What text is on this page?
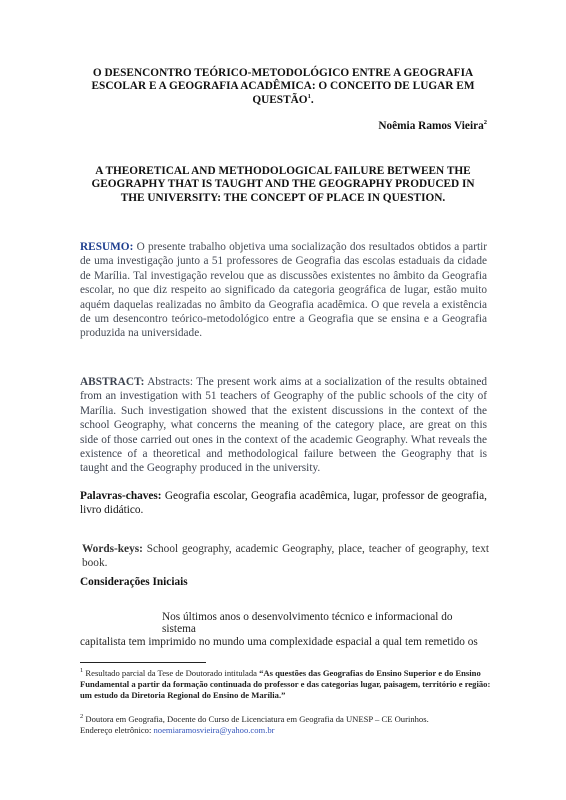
O DESENCONTRO TEÓRICO-METODOLÓGICO ENTRE A GEOGRAFIA ESCOLAR E A GEOGRAFIA ACADÊMICA: O CONCEITO DE LUGAR EM QUESTÃO$^1$.
Noêmia Ramos Vieira$^2$
A THEORETICAL AND METHODOLOGICAL FAILURE BETWEEN THE GEOGRAPHY THAT IS TAUGHT AND THE GEOGRAPHY PRODUCED IN THE UNIVERSITY: THE CONCEPT OF PLACE IN QUESTION.
RESUMO: O presente trabalho objetiva uma socialização dos resultados obtidos a partir de uma investigação junto a 51 professores de Geografia das escolas estaduais da cidade de Marília. Tal investigação revelou que as discussões existentes no âmbito da Geografia escolar, no que diz respeito ao significado da categoria geográfica de lugar, estão muito aquém daquelas realizadas no âmbito da Geografia acadêmica. O que revela a existência de um desencontro teórico-metodológico entre a Geografia que se ensina e a Geografia produzida na universidade.
ABSTRACT: Abstracts: The present work aims at a socialization of the results obtained from an investigation with 51 teachers of Geography of the public schools of the city of Marília. Such investigation showed that the existent discussions in the context of the school Geography, what concerns the meaning of the category place, are great on this side of those carried out ones in the context of the academic Geography. What reveals the existence of a theoretical and methodological failure between the Geography that is taught and the Geography produced in the university.
Palavras-chaves: Geografia escolar, Geografia acadêmica, lugar, professor de geografia, livro didático.
Words-keys: School geography, academic Geography, place, teacher of geography, text book.
Considerações Iniciais
Nos últimos anos o desenvolvimento técnico e informacional do sistema
capitalista tem imprimido no mundo uma complexidade espacial a qual tem remetido os
$^1$ Resultado parcial da Tese de Doutorado intitulada “As questões das Geografias do Ensino Superior e do Ensino Fundamental a partir da formação continuada do professor e das categorias lugar, paisagem, território e região: um estudo da Diretoria Regional do Ensino de Marília.”
$^2$ Doutora em Geografia, Docente do Curso de Licenciatura em Geografia da UNESP – CE Ourinhos.
Endereço eletrônico: noemiaramosvieira@yahoo.com.br
